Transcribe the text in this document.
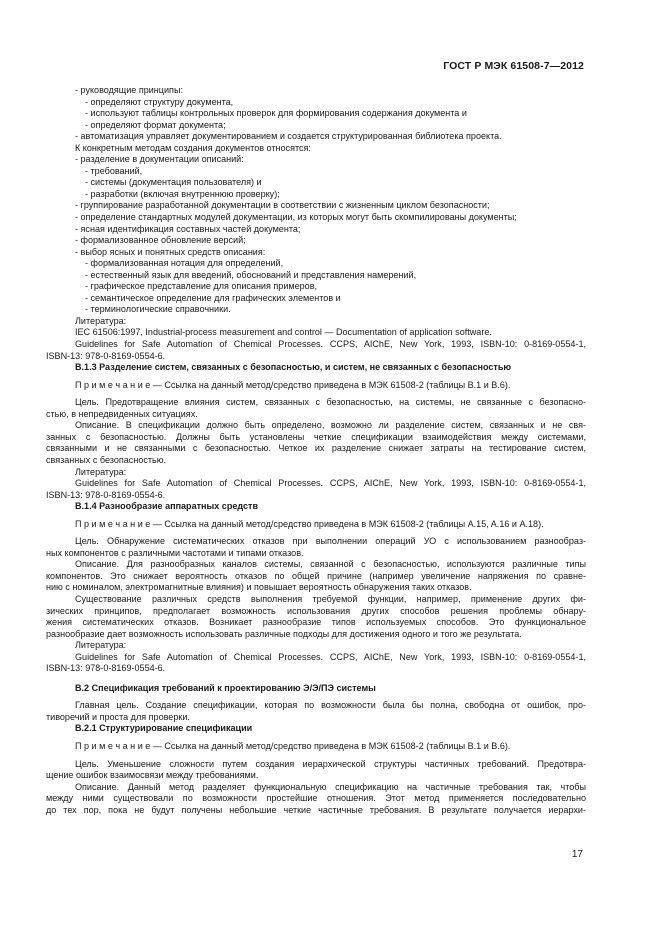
ГОСТ Р МЭК 61508-7—2012
- руководящие принципы:
- определяют структуру документа,
- используют таблицы контрольных проверок для формирования содержания документа и
- определяют формат документа;
- автоматизация управляет документированием и создается структурированная библиотека проекта.
К конкретным методам создания документов относятся:
- разделение в документации описаний:
- требований,
- системы (документация пользователя) и
- разработки (включая внутреннюю проверку);
- группирование разработанной документации в соответствии с жизненным циклом безопасности;
- определение стандартных модулей документации, из которых могут быть скомпилированы документы;
- ясная идентификация составных частей документа;
- формализованное обновление версий;
- выбор ясных и понятных средств описания:
- формализованная нотация для определений,
- естественный язык для введений, обоснований и представления намерений,
- графическое представление для описания примеров,
- семантическое определение для графических элементов и
- терминологические справочники.
Литература:
IEC 61506:1997, Industrial-process measurement and control — Documentation of application software.
Guidelines for Safe Automation of Chemical Processes. CCPS, AIChE, New York, 1993, ISBN-10: 0-8169-0554-1,
ISBN-13: 978-0-8169-0554-6.
B.1.3 Разделение систем, связанных с безопасностью, и систем, не связанных с безопасностью
П р и м е ч а н и е — Ссылка на данный метод/средство приведена в МЭК 61508-2 (таблицы B.1 и B.6).
Цель. Предотвращение влияния систем, связанных с безопасностью, на системы, не связанные с безопасно-
стью, в непредвиденных ситуациях.
Описание. В спецификации должно быть определено, возможно ли разделение систем, связанных и не свя-
занных с безопасностью. Должны быть установлены четкие спецификации взаимодействия между системами,
связанными и не связанными с безопасностью. Четкое их разделение снижает затраты на тестирование систем,
связанных с безопасностью.
Литература:
Guidelines for Safe Automation of Chemical Processes. CCPS, AIChE, New York, 1993, ISBN-10: 0-8169-0554-1,
ISBN-13: 978-0-8169-0554-6.
B.1.4 Разнообразие аппаратных средств
П р и м е ч а н и е — Ссылка на данный метод/средство приведена в МЭК 61508-2 (таблицы A.15, A.16 и A.18).
Цель. Обнаружение систематических отказов при выполнении операций УО с использованием разнообраз-
ных компонентов с различными частотами и типами отказов.
Описание. Для разнообразных каналов системы, связанной с безопасностью, используются различные типы
компонентов. Это снижает вероятность отказов по общей причине (например увеличение напряжения по сравне-
нию с номиналом, электромагнитные влияния) и повышает вероятность обнаружения таких отказов.
Существование различных средств выполнения требуемой функции, например, применение других фи-
зических принципов, предполагает возможность использования других способов решения проблемы обнару-
жения систематических отказов. Возникает разнообразие типов используемых способов. Это функциональное
разнообразие дает возможность использовать различные подходы для достижения одного и того же результата.
Литература:
Guidelines for Safe Automation of Chemical Processes. CCPS, AIChE, New York, 1993, ISBN-10: 0-8169-0554-1,
ISBN-13: 978-0-8169-0554-6.
B.2 Спецификация требований к проектированию Э/Э/ПЭ системы
Главная цель. Создание спецификации, которая по возможности была бы полна, свободна от ошибок, про-
тиворечий и проста для проверки.
B.2.1 Структурирование спецификации
П р и м е ч а н и е — Ссылка на данный метод/средство приведена в МЭК 61508-2 (таблицы B.1 и B.6).
Цель. Уменьшение сложности путем создания иерархической структуры частичных требований. Предотвра-
щение ошибок взаимосвязи между требованиями.
Описание. Данный метод разделяет функциональную спецификацию на частичные требования так, чтобы
между ними существовали по возможности простейшие отношения. Этот метод применяется последовательно
до тех пор, пока не будут получены небольшие четкие частичные требования. В результате получается иерархи-
17
